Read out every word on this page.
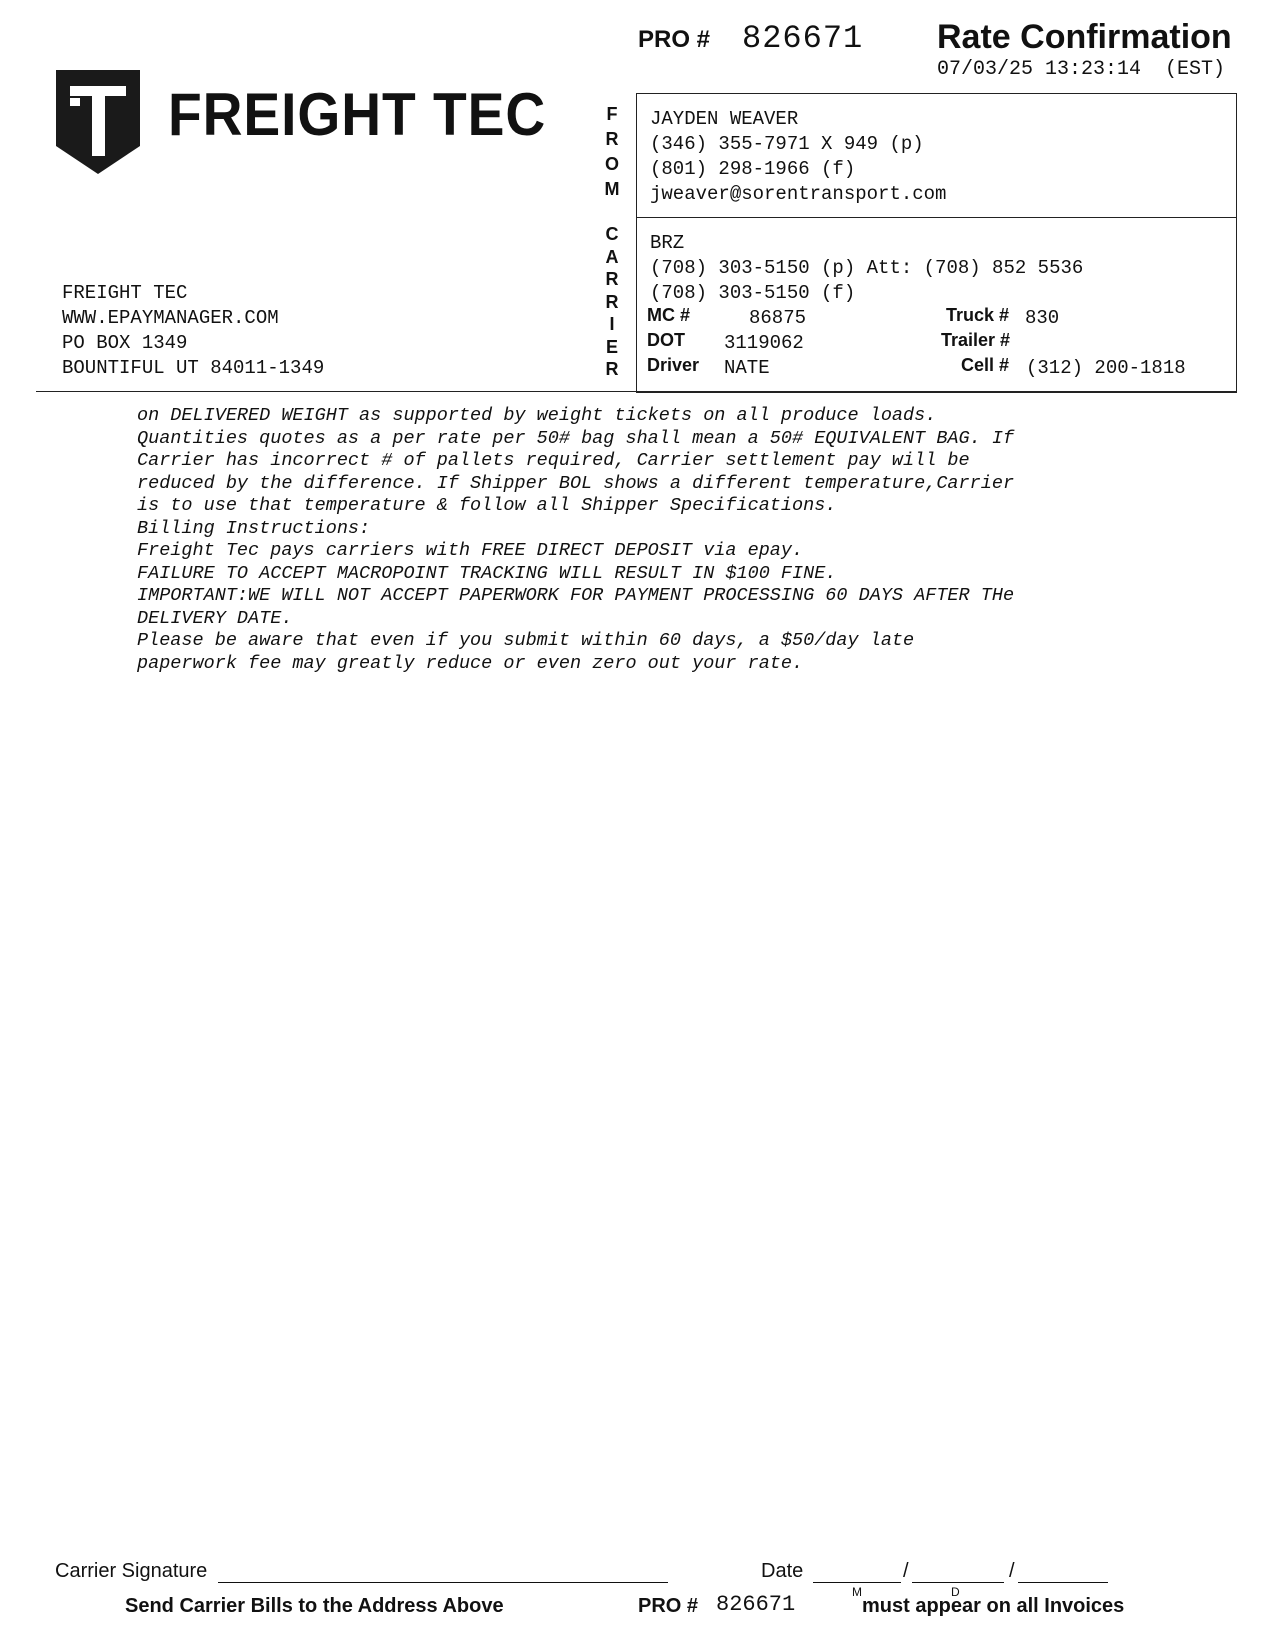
PRO # 826671 Rate Confirmation
07/03/25 13:23:14  (EST)
FREIGHT TEC
FREIGHT TEC
WWW.EPAYMANAGER.COM
PO BOX 1349
BOUNTIFUL UT 84011-1349
F
R
O
M
C
A
R
R
I
E
R
JAYDEN WEAVER
(346) 355-7971 X 949 (p)
(801) 298-1966 (f)
jweaver@sorentransport.com
BRZ
(708) 303-5150 (p) Att: (708) 852 5536
(708) 303-5150 (f)
MC #	86875	Truck # 830
DOT 3119062	Trailer #
Driver NATE	Cell # (312) 200-1818
on DELIVERED WEIGHT as supported by weight tickets on all produce loads.
Quantities quotes as a per rate per 50# bag shall mean a 50# EQUIVALENT BAG. If
Carrier has incorrect # of pallets required, Carrier settlement pay will be
reduced by the difference. If Shipper BOL shows a different temperature,Carrier
is to use that temperature & follow all Shipper Specifications.
Billing Instructions:
Freight Tec pays carriers with FREE DIRECT DEPOSIT via epay.
FAILURE TO ACCEPT MACROPOINT TRACKING WILL RESULT IN $100 FINE.
IMPORTANT:WE WILL NOT ACCEPT PAPERWORK FOR PAYMENT PROCESSING 60 DAYS AFTER THe
DELIVERY DATE.
Please be aware that even if you submit within 60 days, a $50/day late
paperwork fee may greatly reduce or even zero out your rate.
Carrier Signature	Date	/	/
M	D
Send Carrier Bills to the Address Above	PRO # 826671	must appear on all Invoices
